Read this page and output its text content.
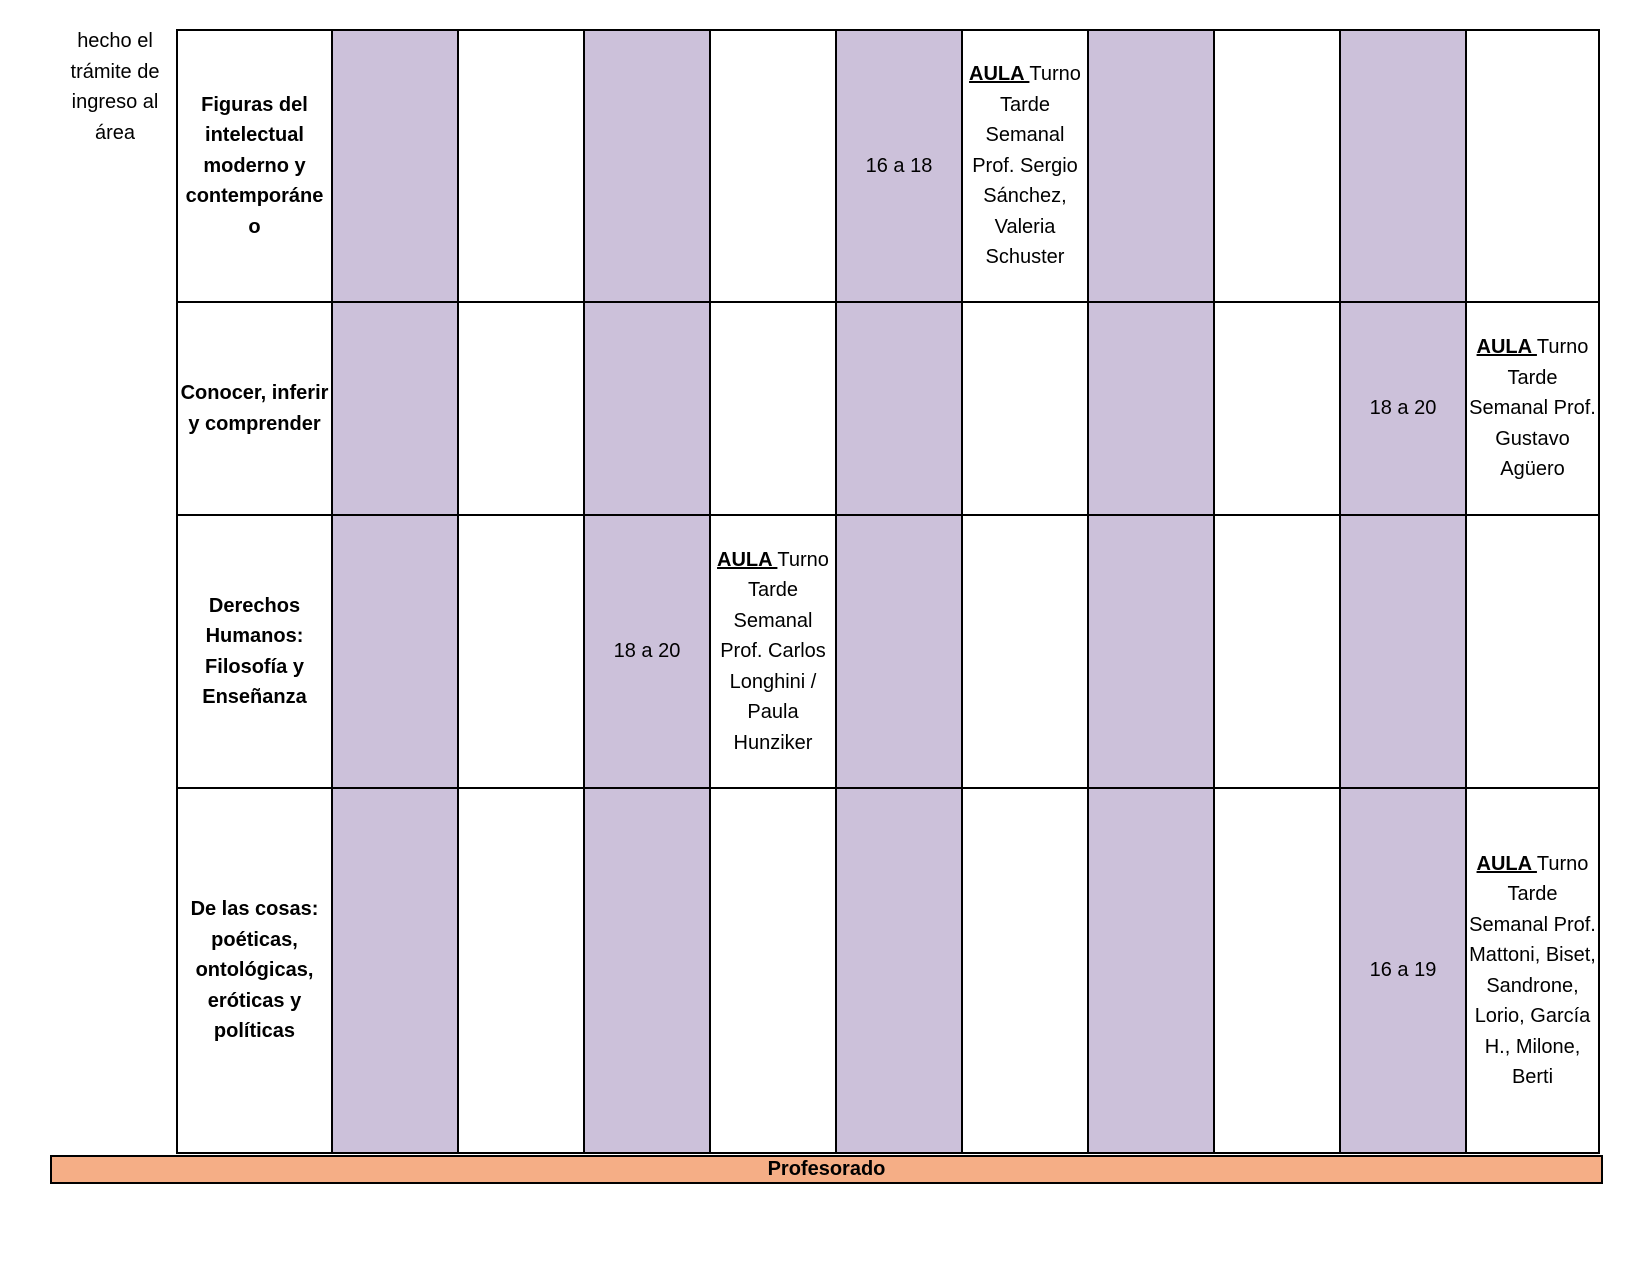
hecho el trámite de ingreso al área
Figuras del intelectual moderno y contemporáne o					16 a 18	AULA Turno Tarde Semanal Prof. Sergio Sánchez, Valeria Schuster				
Conocer, inferir y comprender									18 a 20	AULA Turno Tarde Semanal Prof. Gustavo Agüero
Derechos Humanos: Filosofía y Enseñanza			18 a 20	AULA Turno Tarde Semanal Prof. Carlos Longhini / Paula Hunziker						
De las cosas: poéticas, ontológicas, eróticas y políticas									16 a 19	AULA Turno Tarde Semanal Prof. Mattoni, Biset, Sandrone, Lorio, García H., Milone, Berti
Profesorado
